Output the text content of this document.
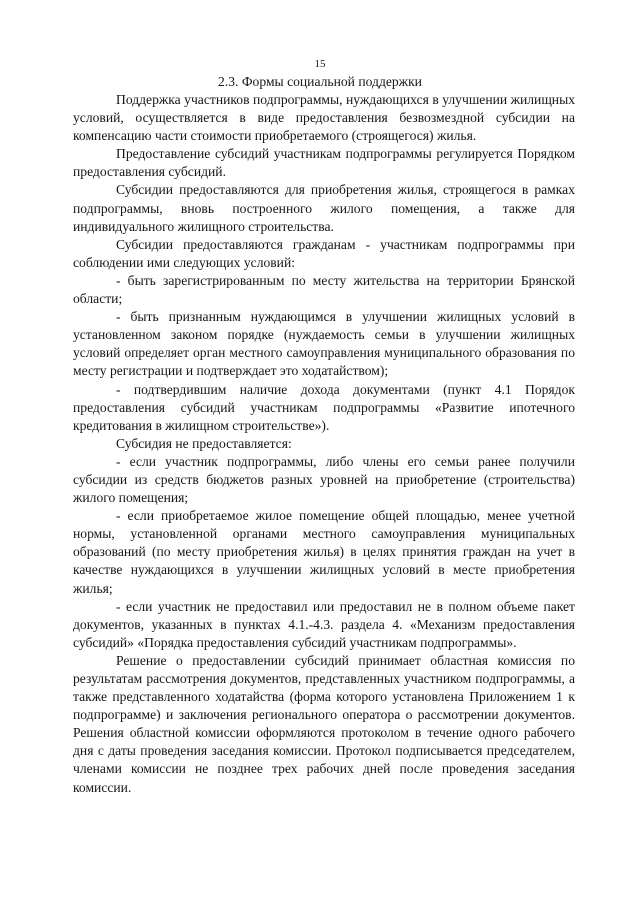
15
2.3. Формы социальной поддержки

Поддержка участников подпрограммы, нуждающихся в улучшении жилищных условий, осуществляется в виде предоставления безвозмездной субсидии на компенсацию части стоимости приобретаемого (строящегося) жилья.

Предоставление субсидий участникам подпрограммы регулируется Порядком предоставления субсидий.

Субсидии предоставляются для приобретения жилья, строящегося в рамках подпрограммы, вновь построенного жилого помещения, а также для индивидуального жилищного строительства.

Субсидии предоставляются гражданам - участникам подпрограммы при соблюдении ими следующих условий:

- быть зарегистрированным по месту жительства на территории Брянской области;

- быть признанным нуждающимся в улучшении жилищных условий в установленном законом порядке (нуждаемость семьи в улучшении жилищных условий определяет орган местного самоуправления муниципального образования по месту регистрации и подтверждает это ходатайством);

- подтвердившим наличие дохода документами (пункт 4.1 Порядок предоставления субсидий участникам подпрограммы «Развитие ипотечного кредитования в жилищном строительстве»).

Субсидия не предоставляется:

- если участник подпрограммы, либо члены его семьи ранее получили субсидии из средств бюджетов разных уровней на приобретение (строительства) жилого помещения;

- если приобретаемое жилое помещение общей площадью, менее учетной нормы, установленной органами местного самоуправления муниципальных образований (по месту приобретения жилья) в целях принятия граждан на учет в качестве нуждающихся в улучшении жилищных условий в месте приобретения жилья;

- если участник не предоставил или предоставил не в полном объеме пакет документов, указанных в пунктах 4.1.-4.3. раздела 4. «Механизм предоставления субсидий» «Порядка предоставления субсидий участникам подпрограммы».

Решение о предоставлении субсидий принимает областная комиссия по результатам рассмотрения документов, представленных участником подпрограммы, а также представленного ходатайства (форма которого установлена Приложением 1 к подпрограмме) и заключения регионального оператора о рассмотрении документов. Решения областной комиссии оформляются протоколом в течение одного рабочего дня с даты проведения заседания комиссии. Протокол подписывается председателем, членами комиссии не позднее трех рабочих дней после проведения заседания комиссии.
